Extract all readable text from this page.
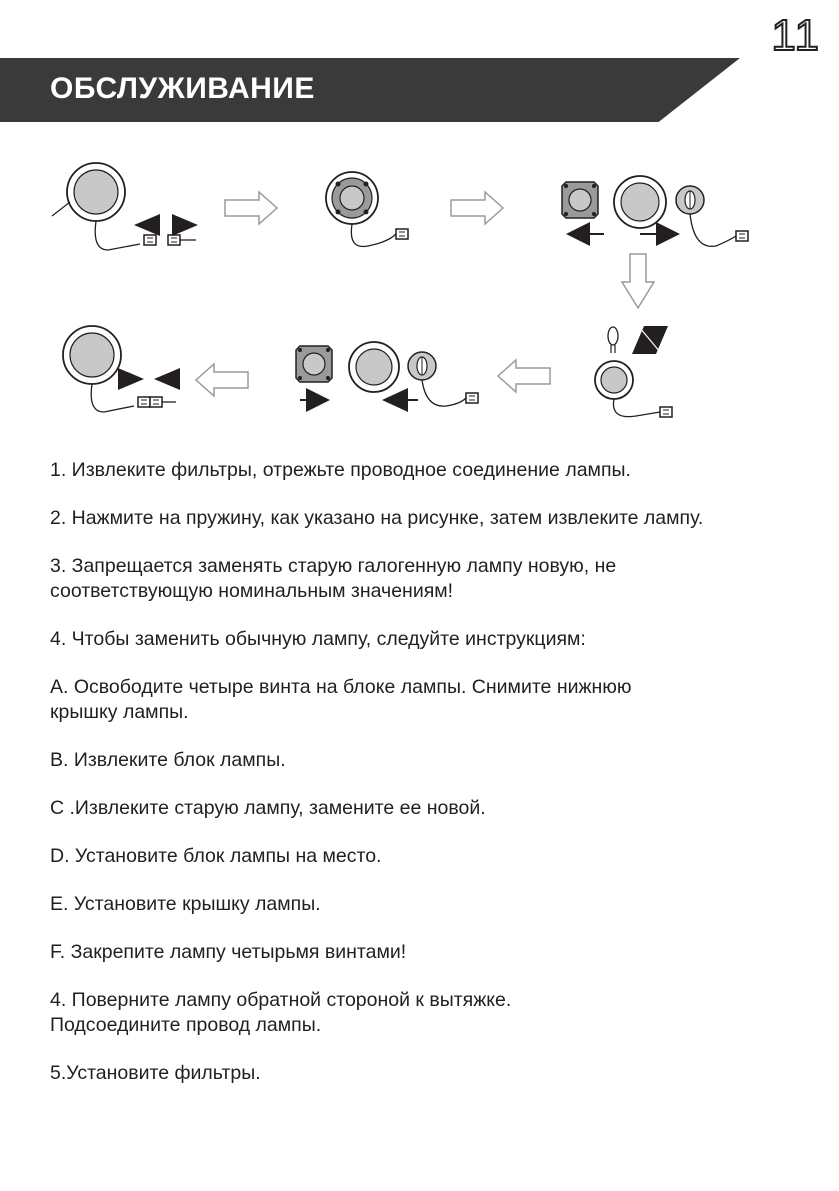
11
ОБСЛУЖИВАНИЕ

1. Извлеките фильтры, отрежьте проводное соединение лампы.

2. Нажмите на пружину, как указано на рисунке, затем извлеките лампу.

3. Запрещается заменять старую галогенную лампу новую, не

соответствующую номинальным значениям!

4. Чтобы заменить обычную лампу, следуйте инструкциям:

A. Освободите четыре винта на блоке лампы. Снимите нижнюю

крышку лампы.

B. Извлеките блок лампы.

C .Извлеките старую лампу, замените ее новой.

D. Установите блок лампы на место.

E. Установите крышку лампы.

F. Закрепите лампу четырьмя винтами!

4. Поверните лампу обратной стороной к вытяжке.

Подсоедините провод лампы.

5.Установите фильтры.
